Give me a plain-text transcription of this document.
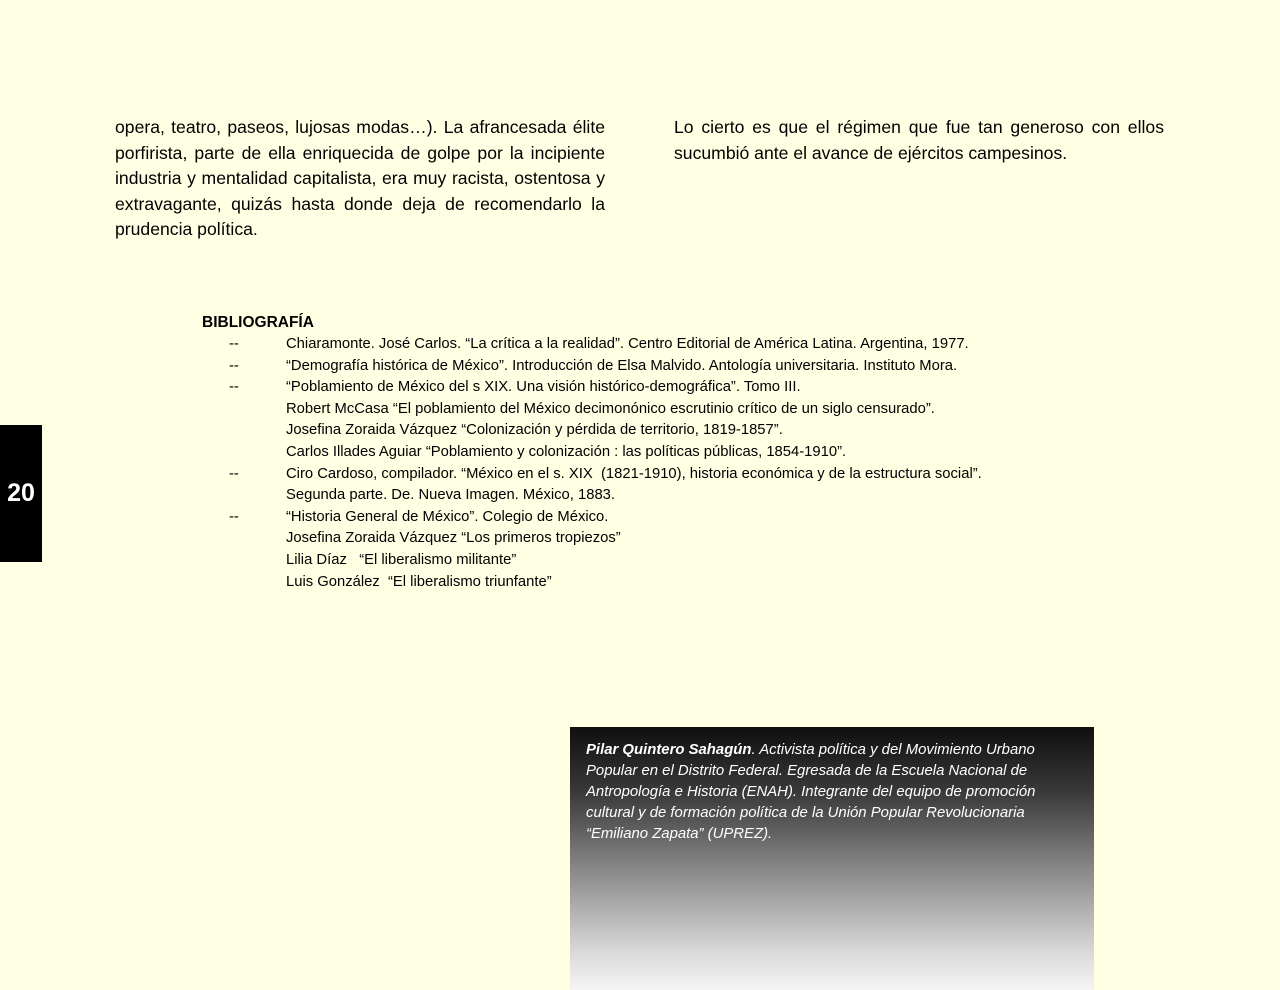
opera, teatro, paseos, lujosas modas…). La afrancesada élite porfirista, parte de ella enriquecida de golpe por la incipiente industria y mentalidad capitalista, era muy racista, ostentosa y extravagante, quizás hasta donde deja de recomendarlo la prudencia política.

Lo cierto es que el régimen que fue tan generoso con ellos sucumbió ante el avance de ejércitos campesinos.

20
BIBLIOGRAFÍA
--	Chiaramonte. José Carlos. “La crítica a la realidad”. Centro Editorial de América Latina. Argentina, 1977.
--	“Demografía histórica de México”. Introducción de Elsa Malvido. Antología universitaria. Instituto Mora.
--	“Poblamiento de México del s XIX. Una visión histórico-demográfica”. Tomo III.
Robert McCasa “El poblamiento del México decimonónico escrutinio crítico de un siglo censurado”.
Josefina Zoraida Vázquez “Colonización y pérdida de territorio, 1819-1857”.
Carlos Illades Aguiar “Poblamiento y colonización : las políticas públicas, 1854-1910”.
--	Ciro Cardoso, compilador. “México en el s. XIX  (1821-1910), historia económica y de la estructura social”.
Segunda parte. De. Nueva Imagen. México, 1883.
--	“Historia General de México”. Colegio de México.
Josefina Zoraida Vázquez “Los primeros tropiezos”
Lilia Díaz   “El liberalismo militante”
Luis González  “El liberalismo triunfante”

Pilar Quintero Sahagún. Activista política y del Movimiento Urbano Popular en el Distrito Federal. Egresada de la Escuela Nacional de Antropología e Historia (ENAH). Integrante del equipo de promoción cultural y de formación política de la Unión Popular Revolucionaria “Emiliano Zapata” (UPREZ).
